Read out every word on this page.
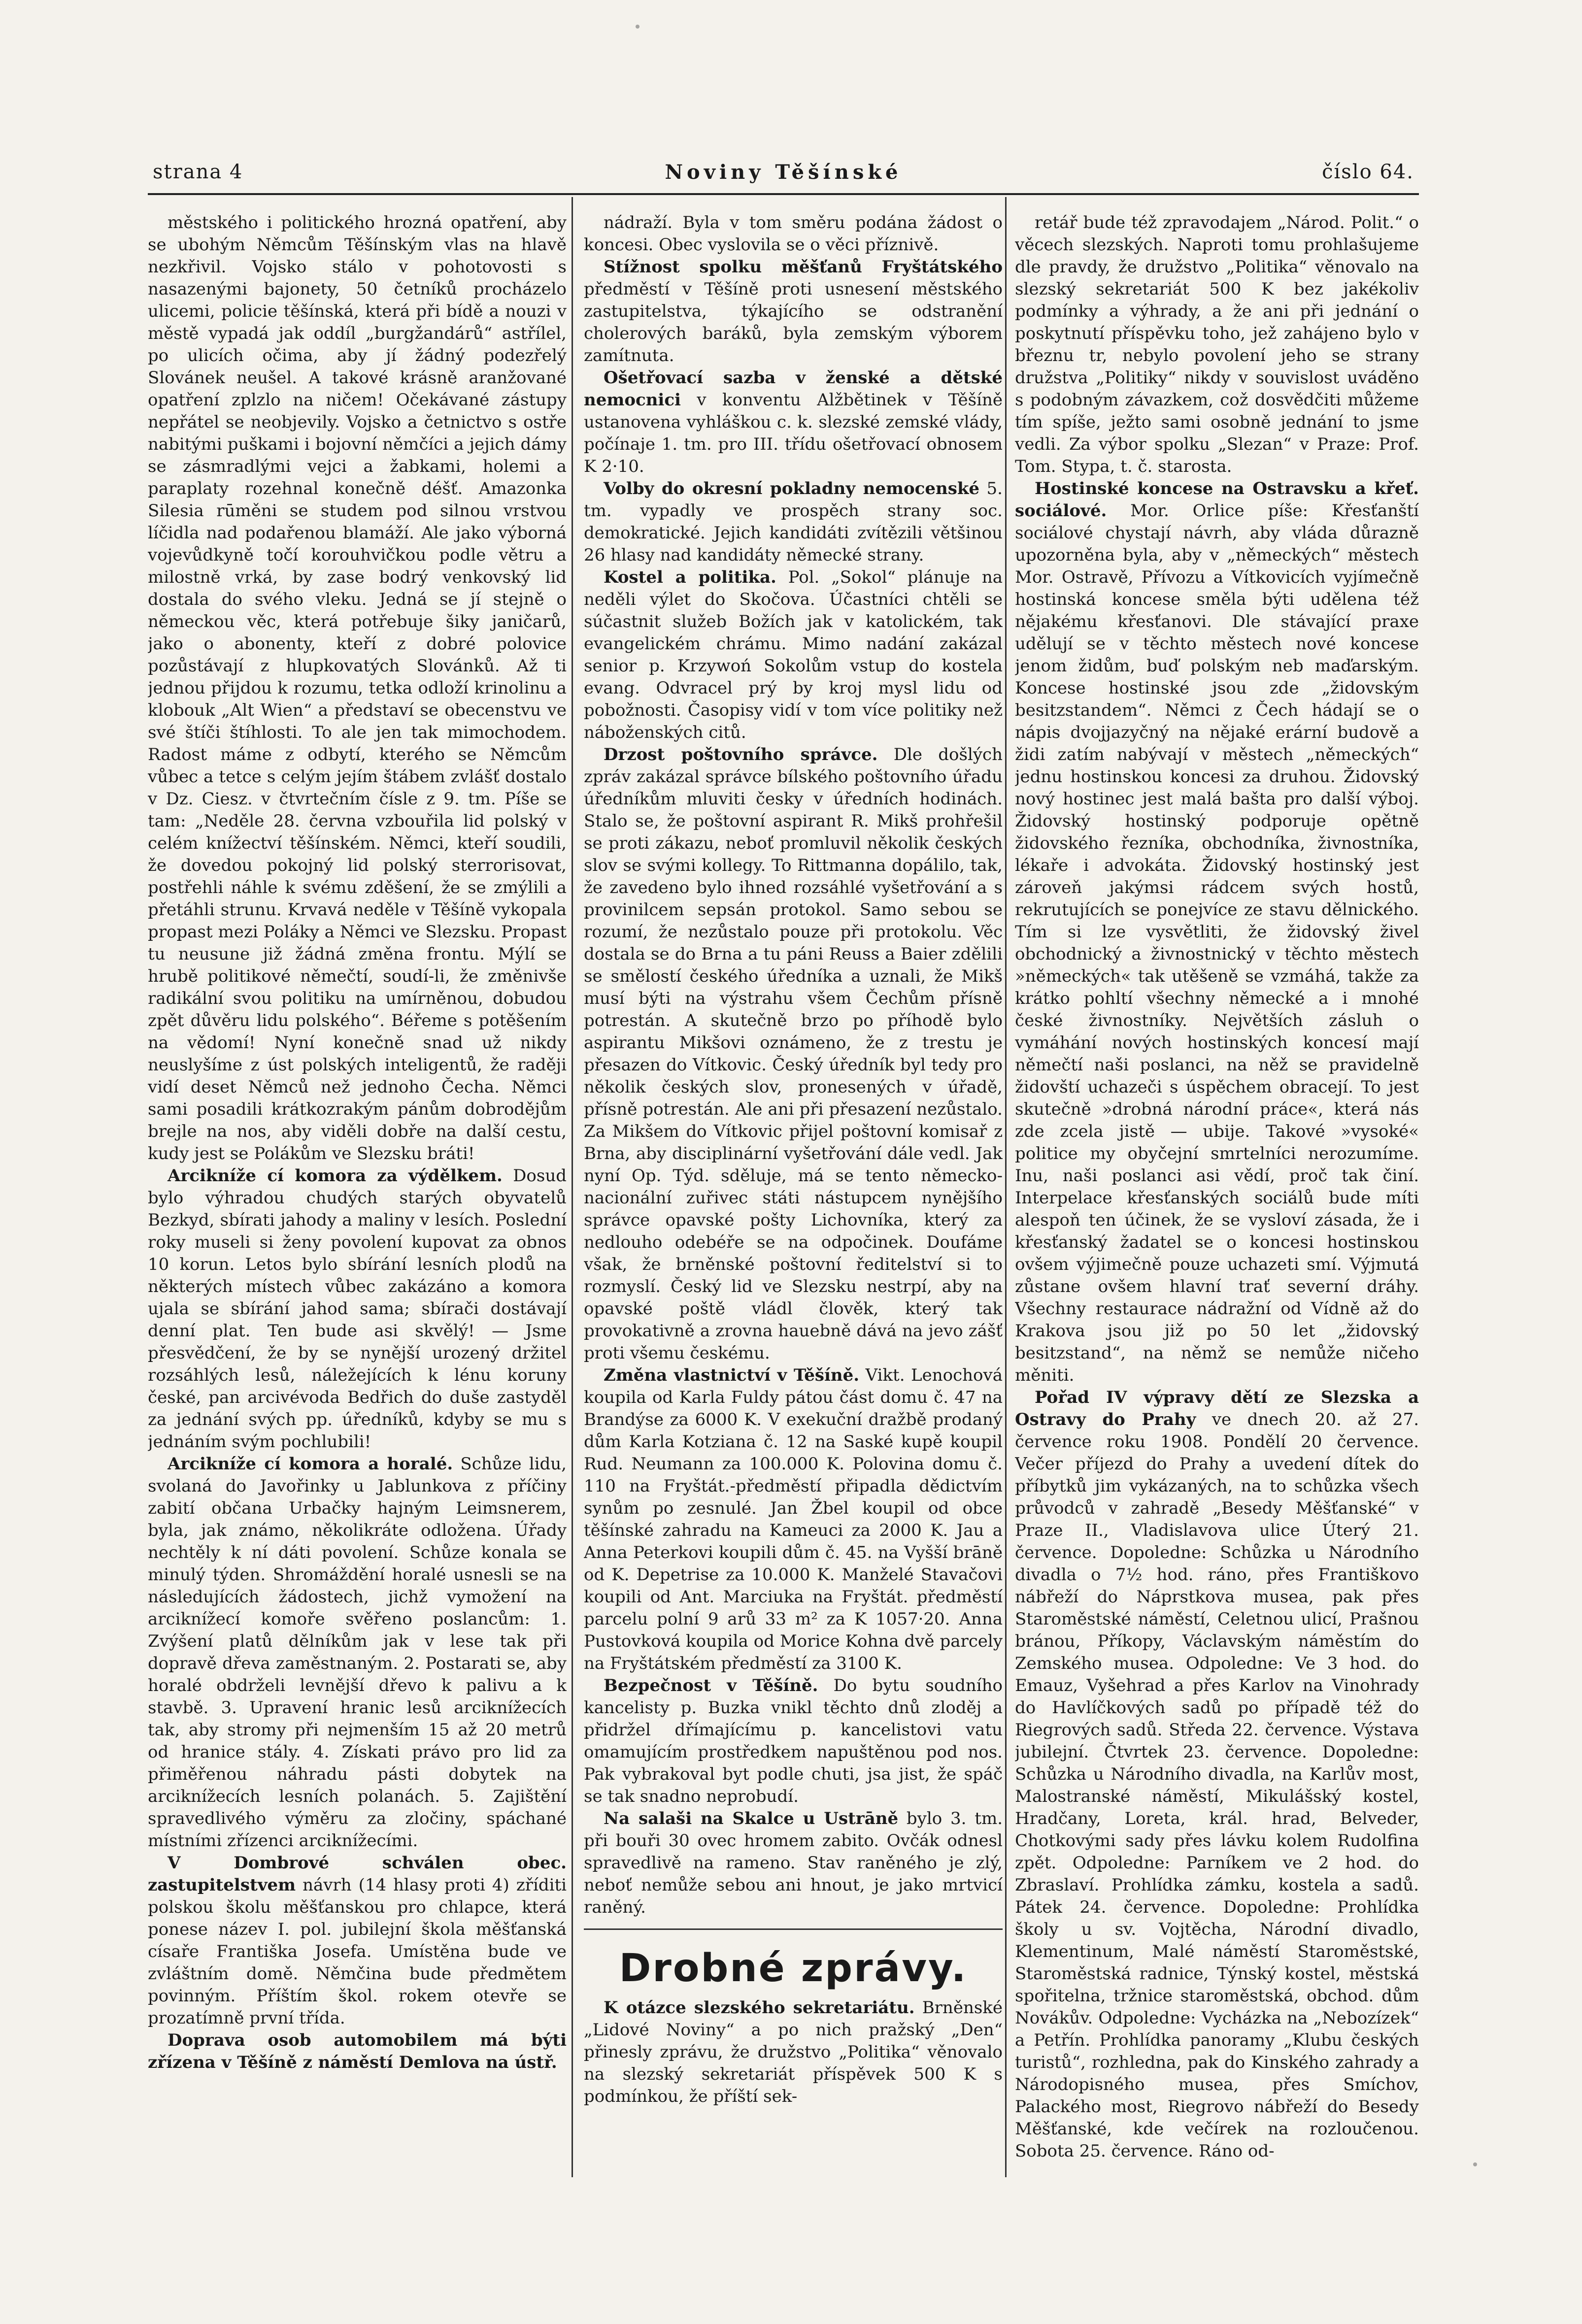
strana 4	Noviny Těšínské	číslo 64.

městského i politického hrozná opatření, aby se ubohým Němcům Těšínským vlas na hlavě nezkřivil. Vojsko stálo v pohotovosti s nasazenými bajonety, 50 četníků procházelo ulicemi, policie těšínská, která při bídě a nouzi v městě vypadá jak oddíl „burgžandárů“ astřílel, po ulicích očima, aby jí žádný podezřelý Slovánek neušel. A takové krásně aranžované opatření zplzlo na ničem! Očekávané zástupy nepřátel se neobjevily. Vojsko a četnictvo s ostře nabitými puškami i bojovní němčíci a jejich dámy se zásmradlými vejci a žabkami, holemi a paraplaty rozehnal konečně déšť. Amazonka Silesia rūměni se studem pod silnou vrstvou líčidla nad podařenou blamáží. Ale jako výborná vojevůdkyně točí korouhvičkou podle větru a milostně vrká, by zase bodrý venkovský lid dostala do svého vleku. Jedná se jí stejně o německou věc, která potřebuje šiky janičarů, jako o abonenty, kteří z dobré polovice pozůstávají z hlupkovatých Slovánků. Až ti jednou přijdou k rozumu, tetka odloží krinolinu a klobouk „Alt Wien“ a představí se obecenstvu ve své štíči štíhlosti. To ale jen tak mimochodem. Radost máme z odbytí, kterého se Němcům vůbec a tetce s celým jejím štábem zvlášť dostalo v Dz. Ciesz. v čtvrtečním čísle z 9. tm. Píše se tam: „Neděle 28. června vzbouřila lid polský v celém knížectví těšínském. Němci, kteří soudili, že dovedou pokojný lid polský sterrorisovat, postřehli náhle k svému zděšení, že se zmýlili a přetáhli strunu. Krvavá neděle v Těšíně vykopala propast mezi Poláky a Němci ve Slezsku. Propast tu neusune již žádná změna frontu. Mýlí se hrubě politikové němečtí, soudí-li, že změnivše radikální svou politiku na umírněnou, dobudou zpět důvěru lidu polského“. Béřeme s potěšením na vědomí! Nyní konečně snad už nikdy neuslyšíme z úst polských inteligentů, že raději vidí deset Němců než jednoho Čecha. Němci sami posadili krátkozrakým pánům dobrodějům brejle na nos, aby viděli dobře na další cestu, kudy jest se Polákům ve Slezsku bráti!

Arcikníže cí komora za výdělkem. Dosud bylo výhradou chudých starých obyvatelů Bezkyd, sbírati jahody a maliny v lesích. Poslední roky museli si ženy povolení kupovat za obnos 10 korun. Letos bylo sbírání lesních plodů na některých místech vůbec zakázáno a komora ujala se sbírání jahod sama; sbírači dostávají denní plat. Ten bude asi skvělý! — Jsme přesvědčení, že by se nynější urozený držitel rozsáhlých lesů, náležejících k lénu koruny české, pan arcivévoda Bedřich do duše zastyděl za jednání svých pp. úředníků, kdyby se mu s jednáním svým pochlubili!

Arcikníže cí komora a horalé. Schůze lidu, svolaná do Javořinky u Jablunkova z příčiny zabití občana Urbačky hajným Leimsnerem, byla, jak známo, několikráte odložena. Úřady nechtěly k ní dáti povolení. Schůze konala se minulý týden. Shromáždění horalé usnesli se na následujících žádostech, jichž vymožení na arciknížecí komoře svěřeno poslancům: 1. Zvýšení platů dělníkům jak v lese tak při dopravě dřeva zaměstnaným. 2. Postarati se, aby horalé obdrželi levnější dřevo k palivu a k stavbě. 3. Upravení hranic lesů arciknížecích tak, aby stromy při nejmenším 15 až 20 metrů od hranice stály. 4. Získati právo pro lid za přiměřenou náhradu pásti dobytek na arciknížecích lesních polanách. 5. Zajištění spravedlivého výměru za zločiny, spáchané místními zřízenci arciknížecími.

V Dombrové schválen obec. zastupitelstvem návrh (14 hlasy proti 4) zříditi polskou školu měšťanskou pro chlapce, která ponese název I. pol. jubilejní škola měšťanská císaře Františka Josefa. Umístěna bude ve zvláštním domě. Němčina bude předmětem povinným. Příštím škol. rokem otevře se prozatímně první třída.

Doprava osob automobilem má býti zřízena v Těšíně z náměstí Demlova na ústř.

nádraží. Byla v tom směru podána žádost o koncesi. Obec vyslovila se o věci příznivě.

Stížnost spolku měšťanů Fryštátského předměstí v Těšíně proti usnesení městského zastupitelstva, týkajícího se odstranění cholerových baráků, byla zemským výborem zamítnuta.

Ošetřovací sazba v ženské a dětské nemocnici v konventu Alžbětinek v Těšíně ustanovena vyhláškou c. k. slezské zemské vlády, počínaje 1. tm. pro III. třídu ošetřovací obnosem K 2·10.

Volby do okresní pokladny nemocenské 5. tm. vypadly ve prospěch strany soc. demokratické. Jejich kandidáti zvítězili většinou 26 hlasy nad kandidáty německé strany.

Kostel a politika. Pol. „Sokol“ plánuje na neděli výlet do Skočova. Účastníci chtěli se súčastnit služeb Božích jak v katolickém, tak evangelickém chrámu. Mimo nadání zakázal senior p. Krzywoń Sokolům vstup do kostela evang. Odvracel prý by kroj mysl lidu od pobožnosti. Časopisy vidí v tom více politiky než náboženských citů.

Drzost poštovního správce. Dle došlých zpráv zakázal správce bílského poštovního úřadu úředníkům mluviti česky v úředních hodinách. Stalo se, že poštovní aspirant R. Mikš prohřešil se proti zákazu, neboť promluvil několik českých slov se svými kollegy. To Rittmanna dopálilo, tak, že zavedeno bylo ihned rozsáhlé vyšetřování a s provinilcem sepsán protokol. Samo sebou se rozumí, že nezůstalo pouze při protokolu. Věc dostala se do Brna a tu páni Reuss a Baier zdělili se smělostí českého úředníka a uznali, že Mikš musí býti na výstrahu všem Čechům přísně potrestán. A skutečně brzo po příhodě bylo aspirantu Mikšovi oznámeno, že z trestu je přesazen do Vítkovic. Český úředník byl tedy pro několik českých slov, pronesených v úřadě, přísně potrestán. Ale ani při přesazení nezůstalo. Za Mikšem do Vítkovic přijel poštovní komisař z Brna, aby disciplinární vyšetřování dále vedl. Jak nyní Op. Týd. sděluje, má se tento německo-nacionální zuřivec státi nástupcem nynějšího správce opavské pošty Lichovníka, který za nedlouho odebéře se na odpočinek. Doufáme však, že brněnské poštovní ředitelství si to rozmyslí. Český lid ve Slezsku nestrpí, aby na opavské poště vládl člověk, který tak provokativně a zrovna hauebně dává na jevo zášť proti všemu českému.

Změna vlastnictví v Těšíně. Vikt. Lenochová koupila od Karla Fuldy pátou část domu č. 47 na Brandýse za 6000 K. V exekuční dražbě prodaný dům Karla Kotziana č. 12 na Saské kupě koupil Rud. Neumann za 100.000 K. Polovina domu č. 110 na Fryštát.-předměstí připadla dědictvím synům po zesnulé. Jan Žbel koupil od obce těšínské zahradu na Kameuci za 2000 K. Jau a Anna Peterkovi koupili dům č. 45. na Vyšší brāně od K. Depetrise za 10.000 K. Manželé Stavačovi koupili od Ant. Marciuka na Fryštát. předměstí parcelu polní 9 arů 33 m² za K 1057·20. Anna Pustovková koupila od Morice Kohna dvě parcely na Fryštátském předměstí za 3100 K.

Bezpečnost v Těšíně. Do bytu soudního kancelisty p. Buzka vnikl těchto dnů zloděj a přidržel dřímajícímu p. kancelistovi vatu omamujícím prostředkem napuštěnou pod nos. Pak vybrakoval byt podle chuti, jsa jist, že spáč se tak snadno neprobudí.

Na salaši na Skalce u Ustrāně bylo 3. tm. při bouři 30 ovec hromem zabito. Ovčák odnesl spravedlivě na rameno. Stav raněného je zlý, neboť nemůže sebou ani hnout, je jako mrtvicí raněný.

Drobné zprávy.

K otázce slezského sekretariátu. Brněnské „Lidové Noviny“ a po nich pražský „Den“ přinesly zprávu, že družstvo „Politika“ věnovalo na slezský sekretariát příspěvek 500 K s podmínkou, že příští sek-

retář bude též zpravodajem „Národ. Polit.“ o věcech slezských. Naproti tomu prohlašujeme dle pravdy, že družstvo „Politika“ věnovalo na slezský sekretariát 500 K bez jakékoliv podmínky a výhrady, a že ani při jednání o poskytnutí příspěvku toho, jež zahájeno bylo v březnu tr, nebylo povolení jeho se strany družstva „Politiky“ nikdy v souvislost uváděno s podobným závazkem, což dosvědčiti můžeme tím spíše, ježto sami osobně jednání to jsme vedli. Za výbor spolku „Slezan“ v Praze: Prof. Tom. Stypa, t. č. starosta.

Hostinské koncese na Ostravsku a křeť. sociálové. Mor. Orlice píše: Křesťanští sociálové chystají návrh, aby vláda důrazně upozorněna byla, aby v „německých“ městech Mor. Ostravě, Přívozu a Vítkovicích vyjímečně hostinská koncese směla býti udělena též nějakému křesťanovi. Dle stávající praxe udělují se v těchto městech nové koncese jenom židům, buď polským neb maďarským. Koncese hostinské jsou zde „židovským besitzstandem“. Němci z Čech hádají se o nápis dvojjazyčný na nějaké erární budově a židi zatím nabývají v městech „německých“ jednu hostinskou koncesi za druhou. Židovský nový hostinec jest malá bašta pro další výboj. Židovský hostinský podporuje opětně židovského řezníka, obchodníka, živnostníka, lékaře i advokáta. Židovský hostinský jest zároveň jakýmsi rádcem svých hostů, rekrutujících se ponejvíce ze stavu dělnického. Tím si lze vysvětliti, že židovský živel obchodnický a živnostnický v těchto městech »německých« tak utěšeně se vzmáhá, takže za krátko pohltí všechny německé a i mnohé české živnostníky. Největších zásluh o vymáhání nových hostinských koncesí mají němečtí naši poslanci, na něž se pravidelně židovští uchazeči s úspěchem obracejí. To jest skutečně »drobná národní práce«, která nás zde zcela jistě — ubije. Takové »vysoké« politice my obyčejní smrtelníci nerozumíme. Inu, naši poslanci asi vědí, proč tak činí. Interpelace křesťanských sociálů bude míti alespoň ten účinek, že se vysloví zásada, že i křesťanský žadatel se o koncesi hostinskou ovšem výjimečně pouze uchazeti smí. Výjmutá zůstane ovšem hlavní trať severní dráhy. Všechny restaurace nádražní od Vídně až do Krakova jsou již po 50 let „židovský besitzstand“, na němž se nemůže ničeho měniti.

Pořad IV výpravy dětí ze Slezska a Ostravy do Prahy ve dnech 20. až 27. července roku 1908. Pondělí 20 července. Večer příjezd do Prahy a uvedení dítek do příbytků jim vykázaných, na to schůzka všech průvodců v zahradě „Besedy Měšťanské“ v Praze II., Vladislavova ulice Úterý 21. července. Dopoledne: Schůzka u Národního divadla o 7½ hod. ráno, přes Františkovo nábřeží do Náprstkova musea, pak přes Staroměstské náměstí, Celetnou ulicí, Prašnou bránou, Příkopy, Václavským náměstím do Zemského musea. Odpoledne: Ve 3 hod. do Emauz, Vyšehrad a přes Karlov na Vinohrady do Havlíčkových sadů po případě též do Riegrových sadů. Středa 22. července. Výstava jubilejní. Čtvrtek 23. července. Dopoledne: Schůzka u Národního divadla, na Karlův most, Malostranské náměstí, Mikulášský kostel, Hradčany, Loreta, král. hrad, Belveder, Chotkovými sady přes lávku kolem Rudolfina zpět. Odpoledne: Parníkem ve 2 hod. do Zbraslaví. Prohlídka zámku, kostela a sadů. Pátek 24. července. Dopoledne: Prohlídka školy u sv. Vojtěcha, Národní divadlo, Klementinum, Malé náměstí Staroměstské, Staroměstská radnice, Týnský kostel, městská spořitelna, tržnice staroměstská, obchod. dům Novákův. Odpoledne: Vycházka na „Nebozízek“ a Petřín. Prohlídka panoramy „Klubu českých turistů“, rozhledna, pak do Kinského zahrady a Národopisného musea, přes Smíchov, Palackého most, Riegrovo nábřeží do Besedy Měšťanské, kde večírek na rozloučenou. Sobota 25. července. Ráno od-
